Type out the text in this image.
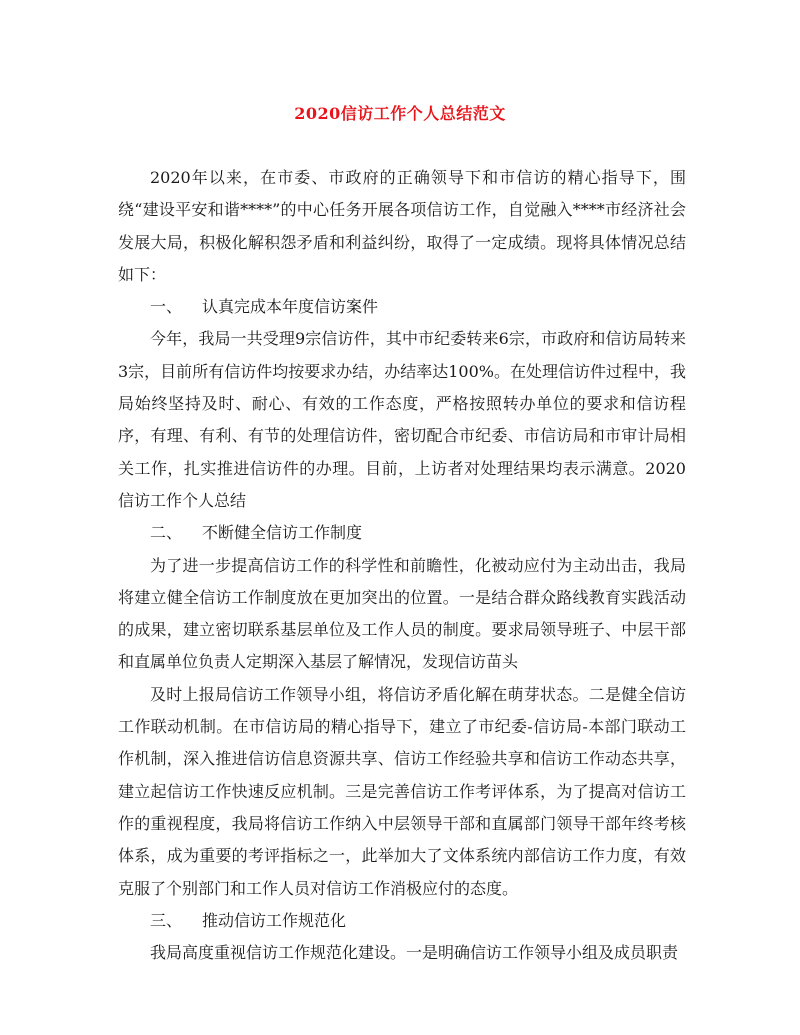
2020信访工作个人总结范文

2020年以来，在市委、市政府的正确领导下和市信访的精心指导下，围绕“建设平安和谐****”的中心任务开展各项信访工作，自觉融入****市经济社会发展大局，积极化解积怨矛盾和利益纠纷，取得了一定成绩。现将具体情况总结如下：

一、 认真完成本年度信访案件

今年，我局一共受理9宗信访件，其中市纪委转来6宗，市政府和信访局转来3宗，目前所有信访件均按要求办结，办结率达100%。在处理信访件过程中，我局始终坚持及时、耐心、有效的工作态度，严格按照转办单位的要求和信访程序，有理、有利、有节的处理信访件，密切配合市纪委、市信访局和市审计局相关工作，扎实推进信访件的办理。目前，上访者对处理结果均表示满意。2020信访工作个人总结

二、 不断健全信访工作制度

为了进一步提高信访工作的科学性和前瞻性，化被动应付为主动出击，我局将建立健全信访工作制度放在更加突出的位置。一是结合群众路线教育实践活动的成果，建立密切联系基层单位及工作人员的制度。要求局领导班子、中层干部和直属单位负责人定期深入基层了解情况，发现信访苗头

及时上报局信访工作领导小组，将信访矛盾化解在萌芽状态。二是健全信访工作联动机制。在市信访局的精心指导下，建立了市纪委-信访局-本部门联动工作机制，深入推进信访信息资源共享、信访工作经验共享和信访工作动态共享，建立起信访工作快速反应机制。三是完善信访工作考评体系，为了提高对信访工作的重视程度，我局将信访工作纳入中层领导干部和直属部门领导干部年终考核体系，成为重要的考评指标之一，此举加大了文体系统内部信访工作力度，有效克服了个别部门和工作人员对信访工作消极应付的态度。

三、 推动信访工作规范化

我局高度重视信访工作规范化建设。一是明确信访工作领导小组及成员职责
